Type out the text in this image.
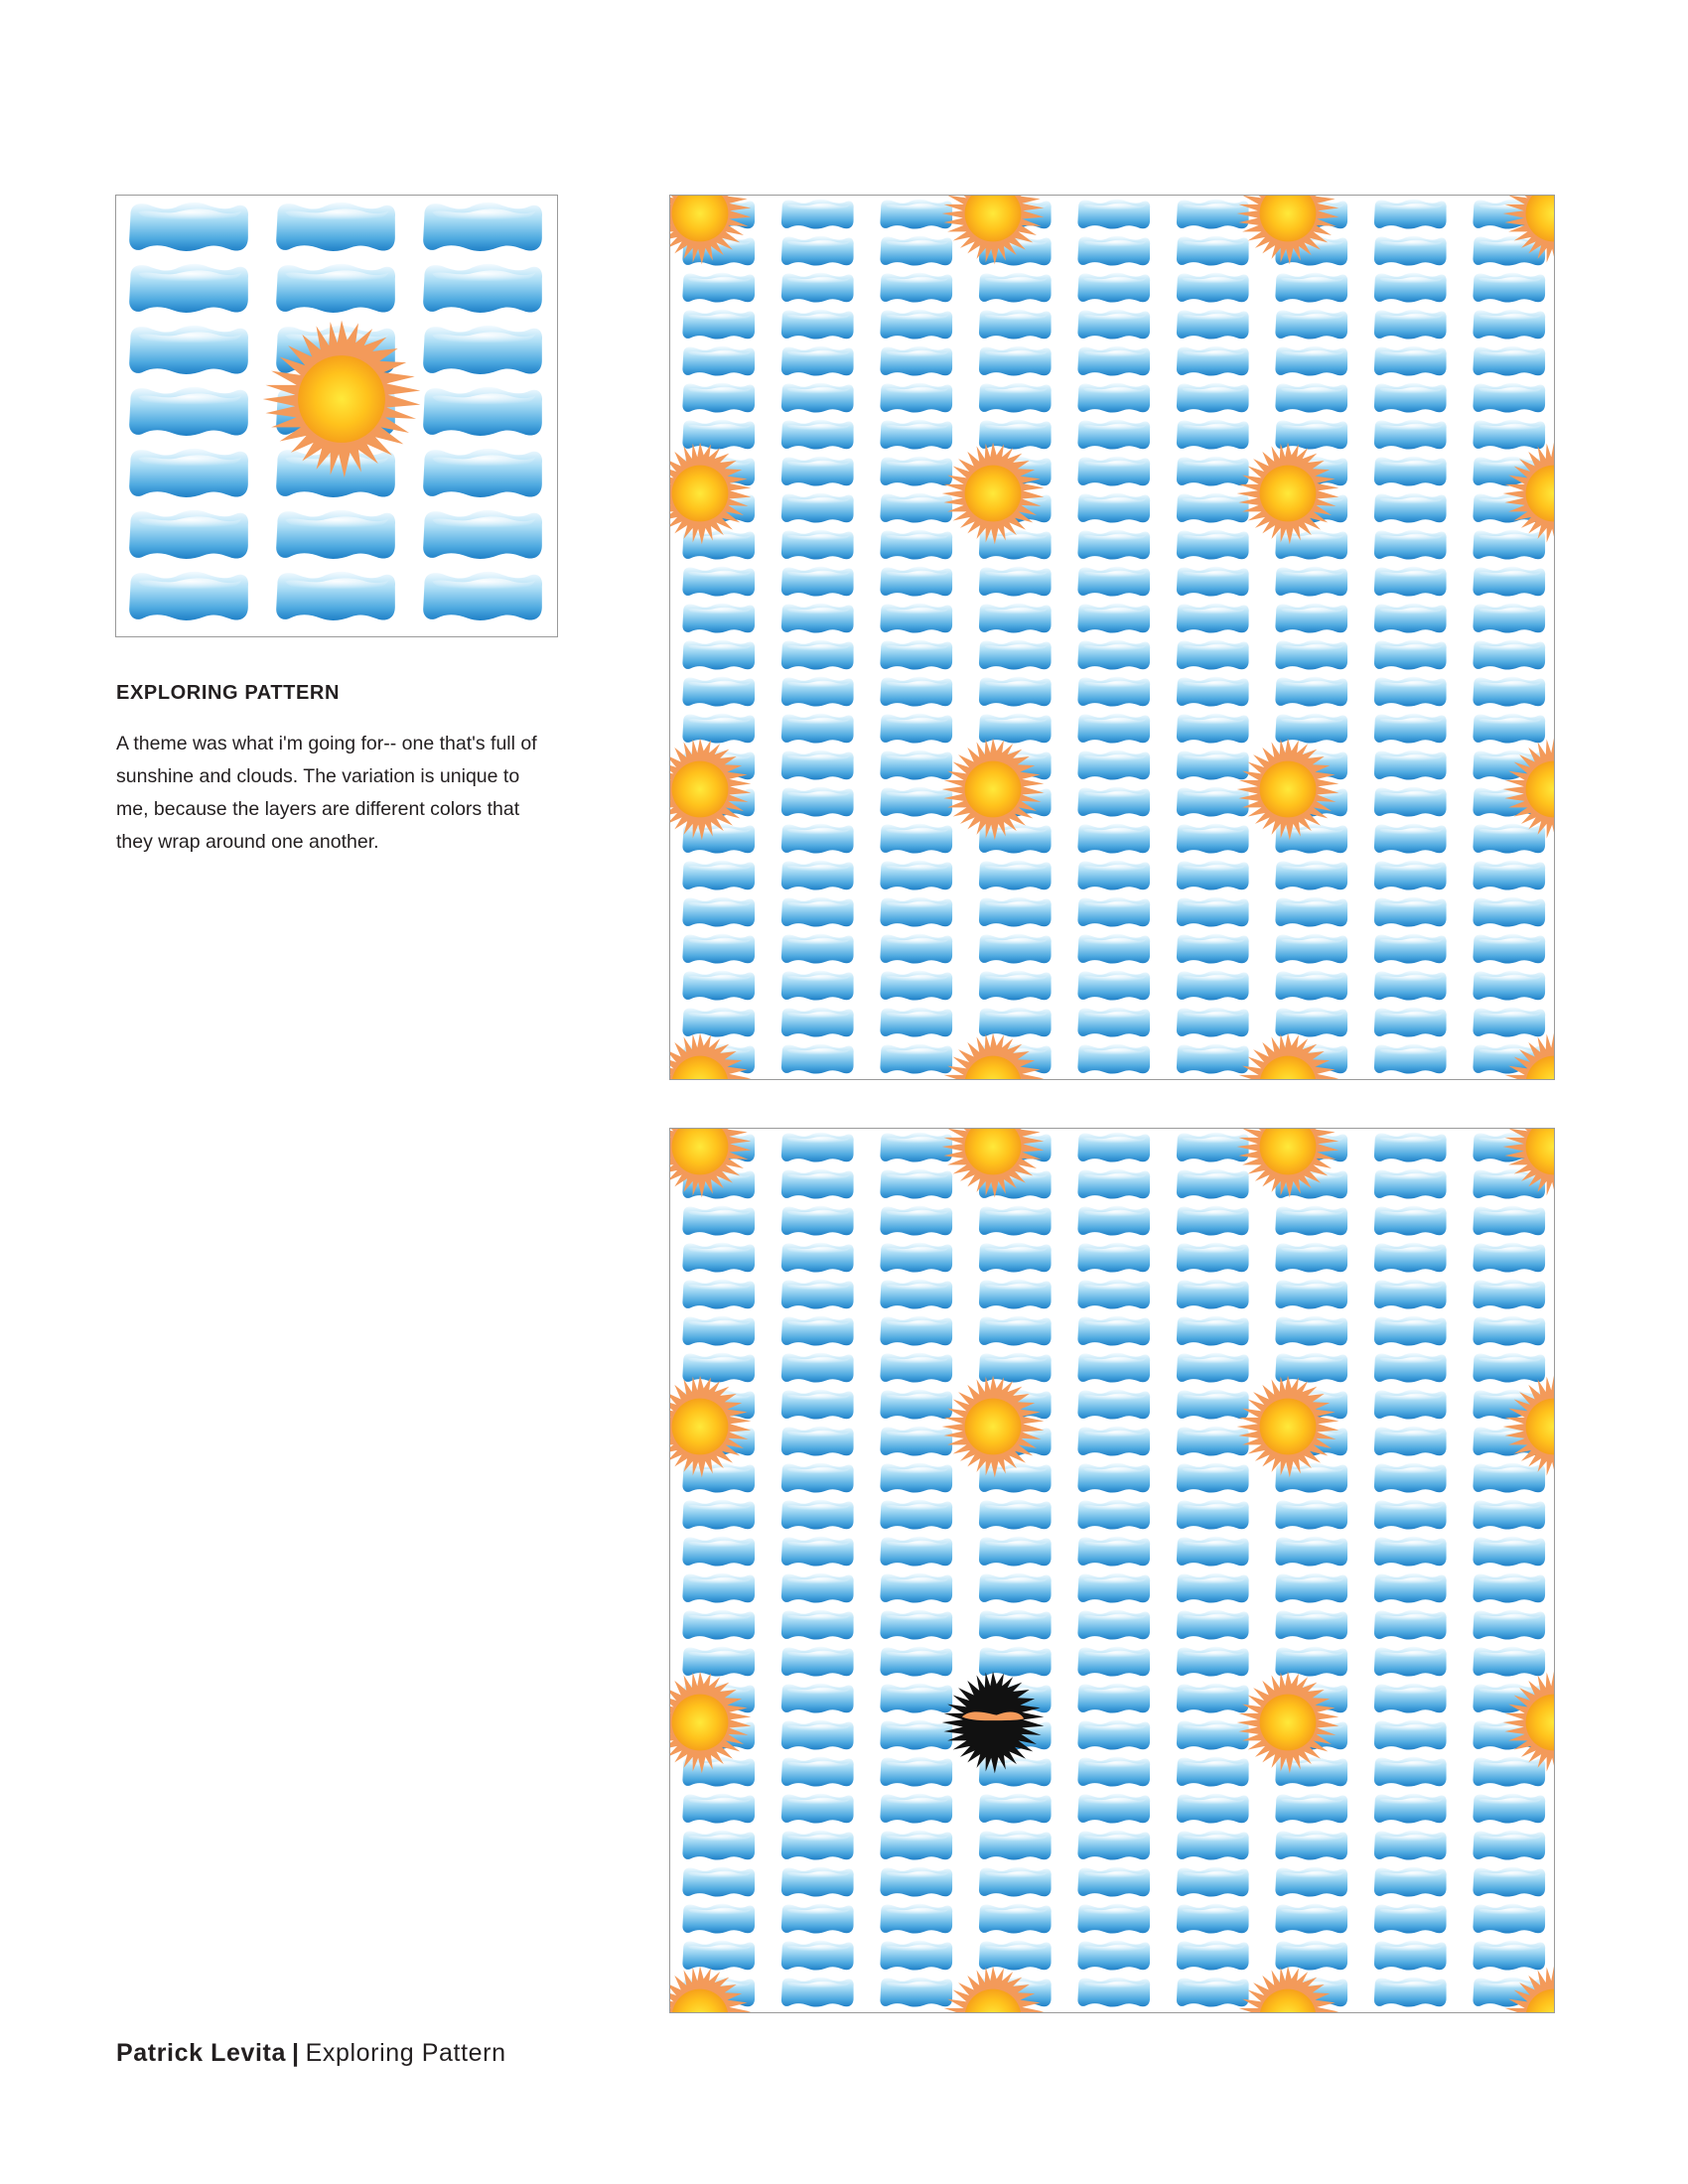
EXPLORING PATTERN

A theme was what i'm going for-- one that's full of sunshine and clouds. The variation is unique to me, because the layers are different colors that they wrap around one another.

Patrick Levita | Exploring Pattern
